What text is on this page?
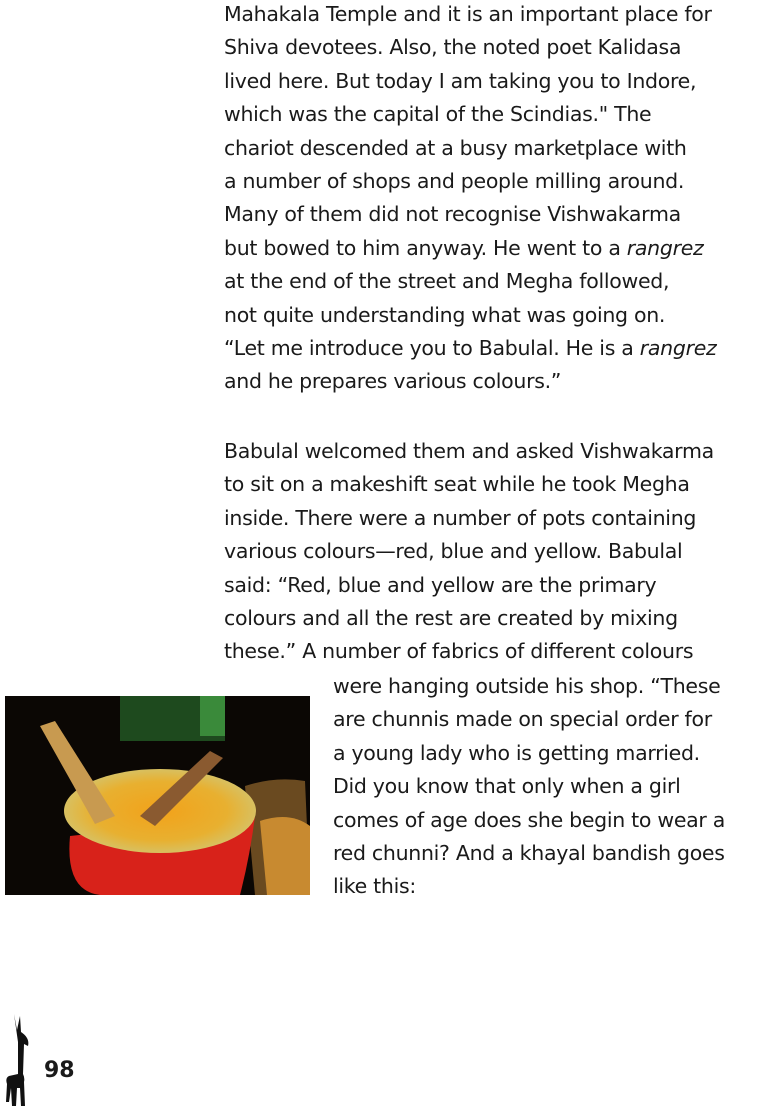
Mahakala Temple and it is an important place for
Shiva devotees. Also, the noted poet Kalidasa
lived here. But today I am taking you to Indore,
which was the capital of the Scindias." The
chariot descended at a busy marketplace with
a number of shops and people milling around.
Many of them did not recognise Vishwakarma
but bowed to him anyway. He went to a rangrez
at the end of the street and Megha followed,
not quite understanding what was going on.
“Let me introduce you to Babulal. He is a rangrez
and he prepares various colours.”
Babulal welcomed them and asked Vishwakarma
to sit on a makeshift seat while he took Megha
inside. There were a number of pots containing
various colours—red, blue and yellow. Babulal
said: “Red, blue and yellow are the primary
colours and all the rest are created by mixing
these.” A number of fabrics of different colours
were hanging outside his shop. “These
are chunnis made on special order for
a young lady who is getting married.
Did you know that only when a girl
comes of age does she begin to wear a
red chunni? And a khayal bandish goes
like this:
98
